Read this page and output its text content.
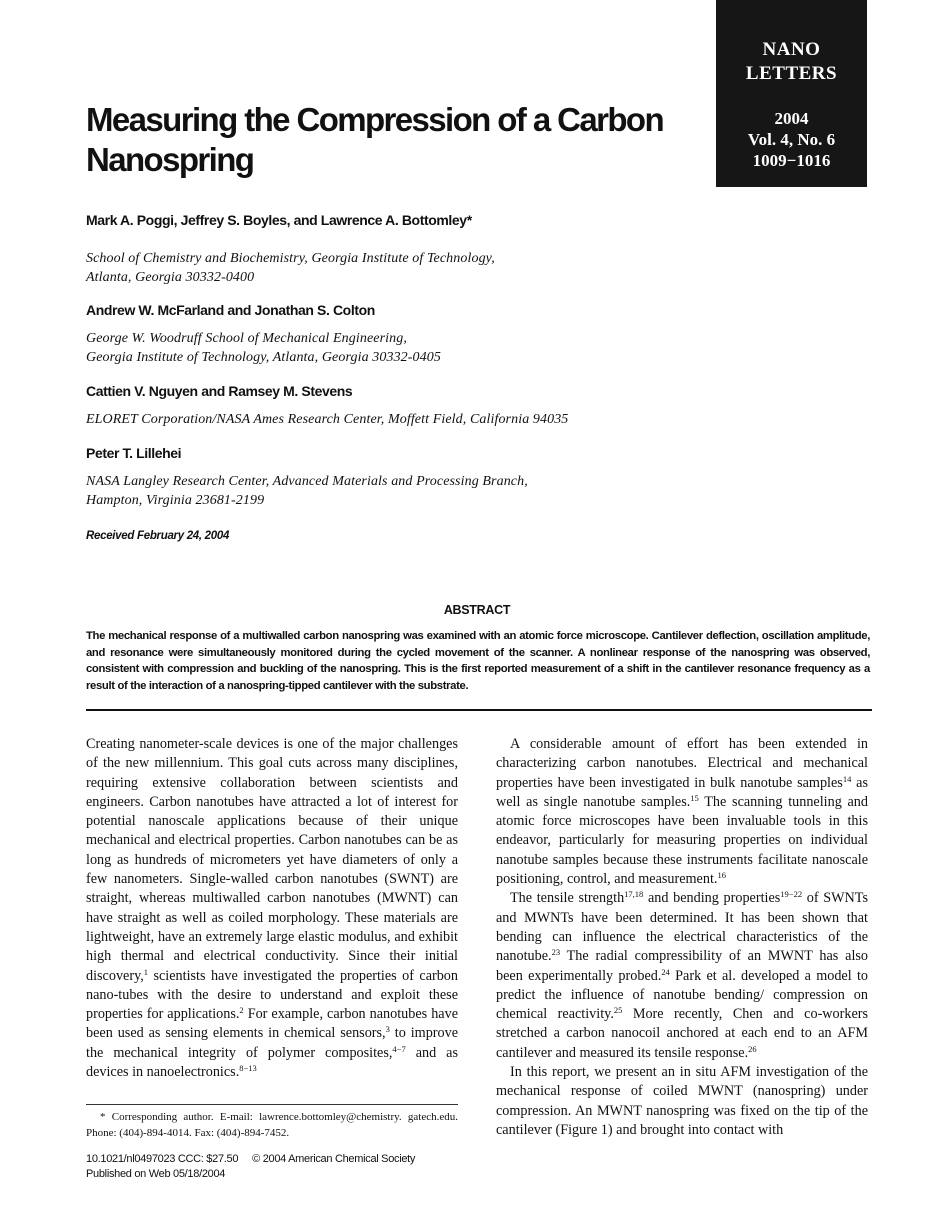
NANO
LETTERS
2004
Vol. 4, No. 6
1009−1016
Measuring the Compression of a Carbon
Nanospring

Mark A. Poggi, Jeffrey S. Boyles, and Lawrence A. Bottomley*

School of Chemistry and Biochemistry, Georgia Institute of Technology,
Atlanta, Georgia 30332-0400

Andrew W. McFarland and Jonathan S. Colton

George W. Woodruff School of Mechanical Engineering,
Georgia Institute of Technology, Atlanta, Georgia 30332-0405

Cattien V. Nguyen and Ramsey M. Stevens

ELORET Corporation/NASA Ames Research Center, Moffett Field, California 94035

Peter T. Lillehei

NASA Langley Research Center, Advanced Materials and Processing Branch,
Hampton, Virginia 23681-2199

Received February 24, 2004

ABSTRACT

The mechanical response of a multiwalled carbon nanospring was examined with an atomic force microscope. Cantilever deflection, oscillation amplitude, and resonance were simultaneously monitored during the cycled movement of the scanner. A nonlinear response of the nanospring was observed, consistent with compression and buckling of the nanospring. This is the first reported measurement of a shift in the cantilever resonance frequency as a result of the interaction of a nanospring-tipped cantilever with the substrate.

Creating nanometer-scale devices is one of the major challenges of the new millennium. This goal cuts across many disciplines, requiring extensive collaboration between scientists and engineers. Carbon nanotubes have attracted a lot of interest for potential nanoscale applications because of their unique mechanical and electrical properties. Carbon nanotubes can be as long as hundreds of micrometers yet have diameters of only a few nanometers. Single-walled carbon nanotubes (SWNT) are straight, whereas multiwalled carbon nanotubes (MWNT) can have straight as well as coiled morphology. These materials are lightweight, have an extremely large elastic modulus, and exhibit high thermal and electrical conductivity. Since their initial discovery,$^1$ scientists have investigated the properties of carbon nano-tubes with the desire to understand and exploit these properties for applications.$^2$ For example, carbon nanotubes have been used as sensing elements in chemical sensors,$^3$ to improve the mechanical integrity of polymer composites,$^{4-7}$ and as devices in nanoelectronics.$^{8-13}$

A considerable amount of effort has been extended in characterizing carbon nanotubes. Electrical and mechanical properties have been investigated in bulk nanotube samples$^{14}$ as well as single nanotube samples.$^{15}$ The scanning tunneling and atomic force microscopes have been invaluable tools in this endeavor, particularly for measuring properties on individual nanotube samples because these instruments facilitate nanoscale positioning, control, and measurement.$^{16}$

The tensile strength$^{17,18}$ and bending properties$^{19-22}$ of SWNTs and MWNTs have been determined. It has been shown that bending can influence the electrical characteristics of the nanotube.$^{23}$ The radial compressibility of an MWNT has also been experimentally probed.$^{24}$ Park et al. developed a model to predict the influence of nanotube bending/ compression on chemical reactivity.$^{25}$ More recently, Chen and co-workers stretched a carbon nanocoil anchored at each end to an AFM cantilever and measured its tensile response.$^{26}$

In this report, we present an in situ AFM investigation of the mechanical response of coiled MWNT (nanospring) under compression. An MWNT nanospring was fixed on the tip of the cantilever (Figure 1) and brought into contact with

* Corresponding author. E-mail: lawrence.bottomley@chemistry. gatech.edu. Phone: (404)-894-4014. Fax: (404)-894-7452.

10.1021/nl0497023 CCC: $27.50 © 2004 American Chemical Society
Published on Web 05/18/2004
